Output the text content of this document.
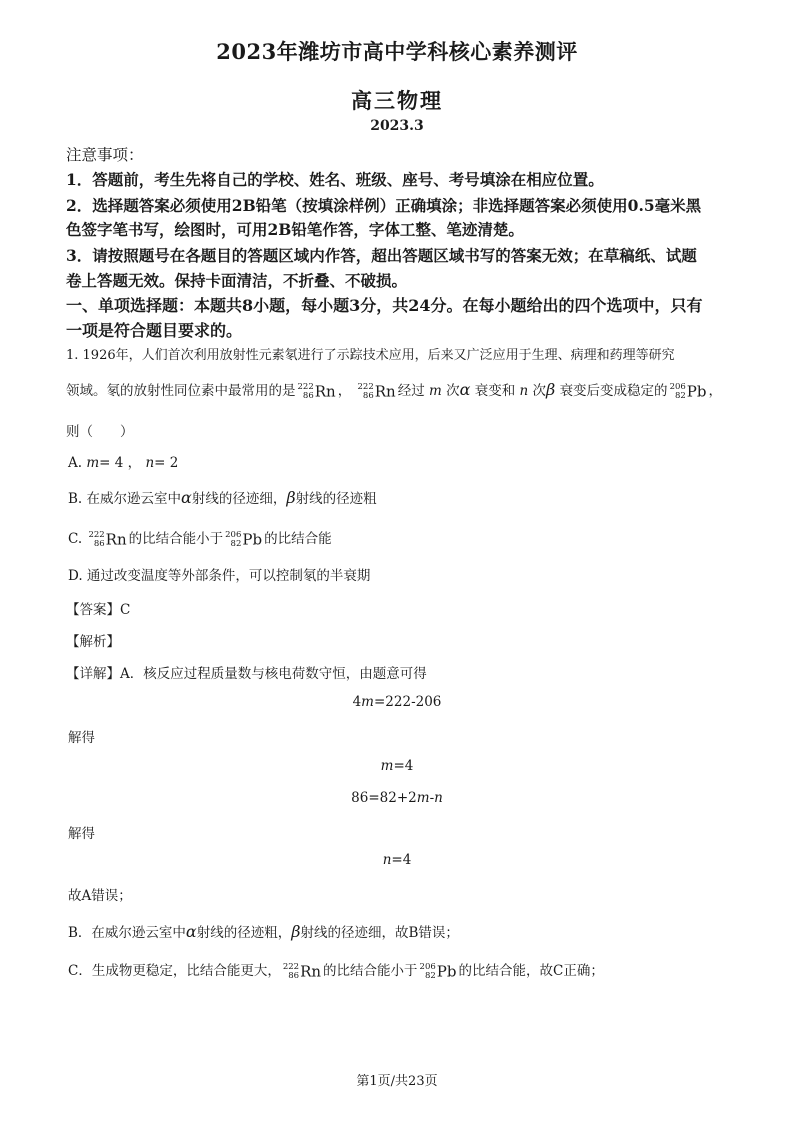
2023年潍坊市高中学科核心素养测评
高三物理
2023.3
注意事项：
1．答题前，考生先将自己的学校、姓名、班级、座号、考号填涂在相应位置。
2．选择题答案必须使用2B铅笔（按填涂样例）正确填涂；非选择题答案必须使用0.5毫米黑
色签字笔书写，绘图时，可用2B铅笔作答，字体工整、笔迹清楚。
3．请按照题号在各题目的答题区域内作答，超出答题区域书写的答案无效；在草稿纸、试题
卷上答题无效。保持卡面清洁，不折叠、不破损。
一、单项选择题：本题共8小题，每小题3分，共24分。在每小题给出的四个选项中，只有
一项是符合题目要求的。
1. 1926年，人们首次利用放射性元素氡进行了示踪技术应用，后来又广泛应用于生理、病理和药理等研究
领域。氡的放射性同位素中最常用的是 222
86Rn ， 222
86Rn 经过 m 次α 衰变和 n 次β 衰变后变成稳定的 206
82Pb ，
则（　　）
A. m= 4 ， n= 2
B. 在威尔逊云室中α射线的径迹细，β射线的径迹粗
C. 222
86Rn 的比结合能小于 206
82Pb 的比结合能
D. 通过改变温度等外部条件，可以控制氡的半衰期
【答案】C
【解析】
【详解】A．核反应过程质量数与核电荷数守恒，由题意可得
4m=222-206
解得
m=4
86=82+2m-n
解得
n=4
故A错误；
B．在威尔逊云室中α射线的径迹粗，β射线的径迹细，故B错误；
C．生成物更稳定，比结合能更大， 222
86Rn 的比结合能小于 206
82Pb 的比结合能，故C正确；
第1页/共23页
